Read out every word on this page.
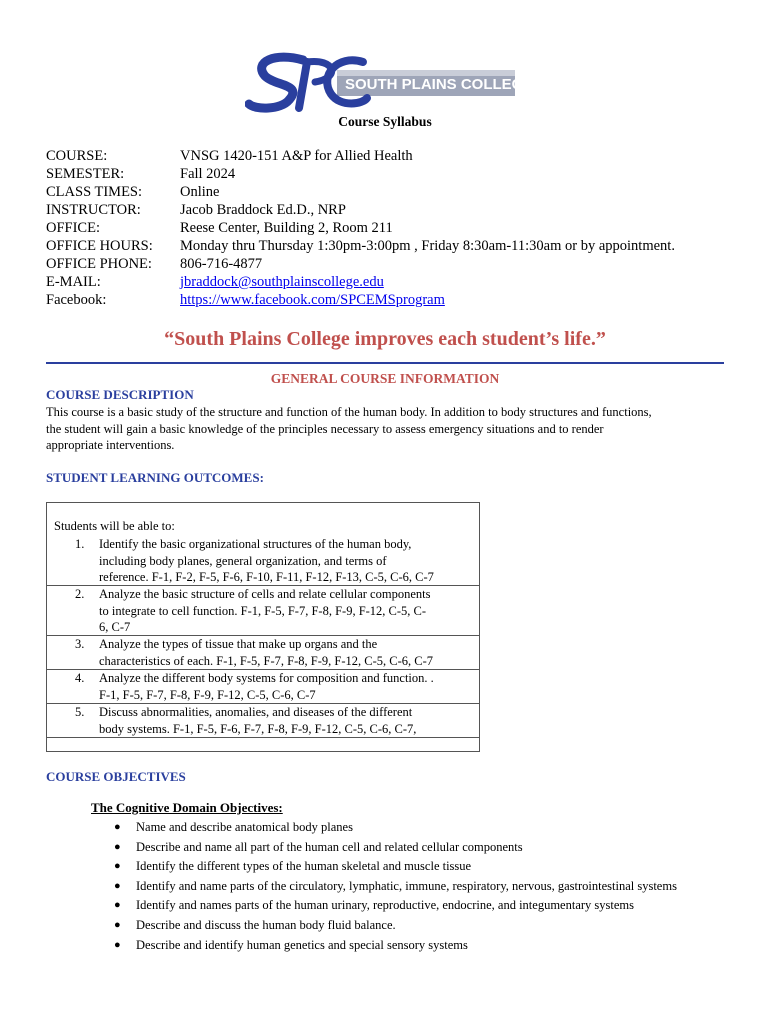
SOUTH PLAINS COLLEGE
Course Syllabus
COURSE:	VNSG 1420-151 A&P for Allied Health
SEMESTER:	Fall 2024
CLASS TIMES:	Online
INSTRUCTOR:	Jacob Braddock Ed.D., NRP
OFFICE:	Reese Center, Building 2, Room 211
OFFICE HOURS: Monday thru Thursday 1:30pm-3:00pm , Friday 8:30am-11:30am or by appointment.
OFFICE PHONE: 806-716-4877
E-MAIL:	jbraddock@southplainscollege.edu
Facebook:	https://www.facebook.com/SPCEMSprogram
“South Plains College improves each student’s life.”
GENERAL COURSE INFORMATION
COURSE DESCRIPTION
This course is a basic study of the structure and function of the human body. In addition to body structures and functions,
the student will gain a basic knowledge of the principles necessary to assess emergency situations and to render
appropriate interventions.
STUDENT LEARNING OUTCOMES:
Students will be able to:
1.	Identify the basic organizational structures of the human body,
including body planes, general organization, and terms of
reference. F-1, F-2, F-5, F-6, F-10, F-11, F-12, F-13, C-5, C-6, C-7
2.	Analyze the basic structure of cells and relate cellular components
to integrate to cell function. F-1, F-5, F-7, F-8, F-9, F-12, C-5, C-
6, C-7
3.	Analyze the types of tissue that make up organs and the
characteristics of each. F-1, F-5, F-7, F-8, F-9, F-12, C-5, C-6, C-7
4.	Analyze the different body systems for composition and function. .
F-1, F-5, F-7, F-8, F-9, F-12, C-5, C-6, C-7
5.	Discuss abnormalities, anomalies, and diseases of the different
body systems. F-1, F-5, F-6, F-7, F-8, F-9, F-12, C-5, C-6, C-7,
COURSE OBJECTIVES
The Cognitive Domain Objectives:
● Name and describe anatomical body planes
● Describe and name all part of the human cell and related cellular components
● Identify the different types of the human skeletal and muscle tissue
● Identify and name parts of the circulatory, lymphatic, immune, respiratory, nervous, gastrointestinal systems
● Identify and names parts of the human urinary, reproductive, endocrine, and integumentary systems
● Describe and discuss the human body fluid balance.
● Describe and identify human genetics and special sensory systems
